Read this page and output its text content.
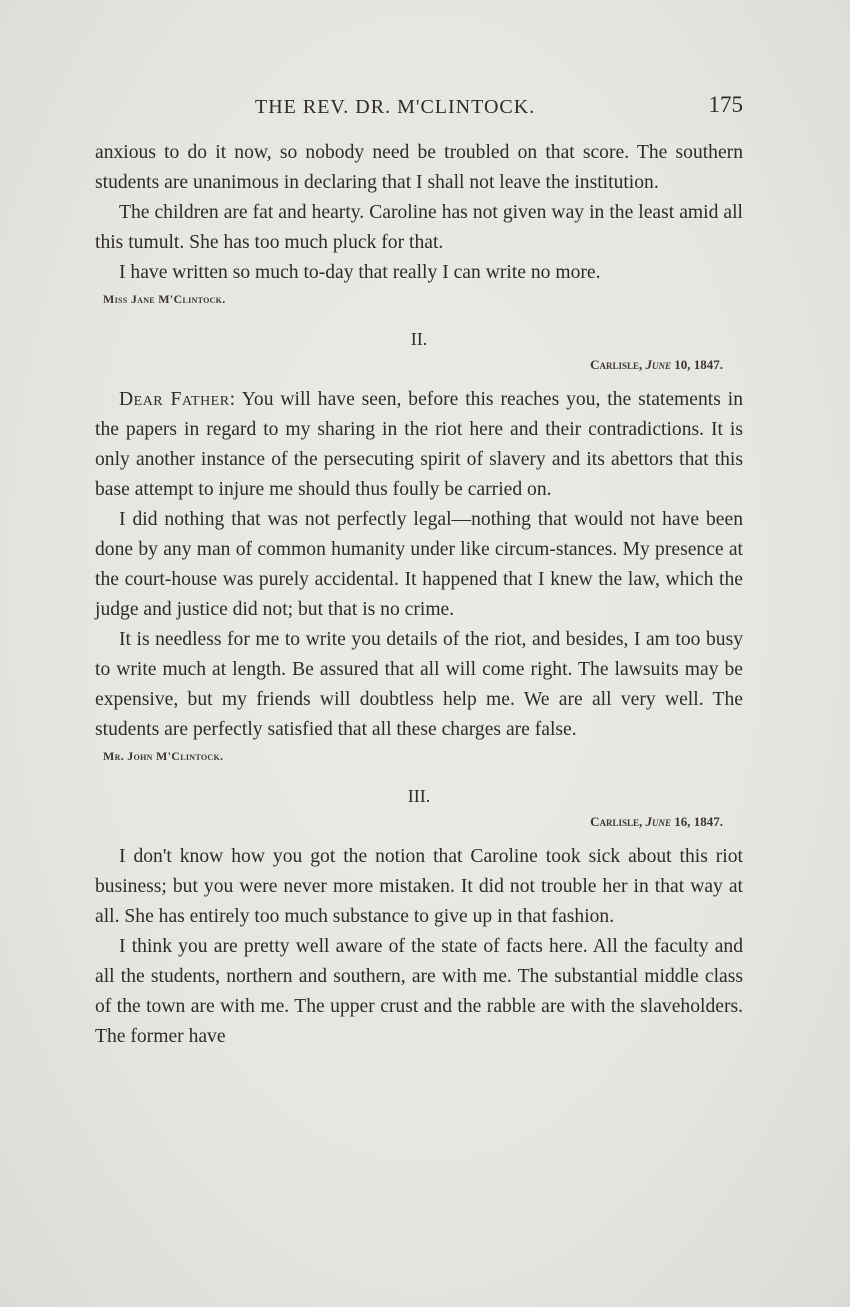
THE REV. DR. M'CLINTOCK.	175

anxious to do it now, so nobody need be troubled on that score. The southern students are unanimous in declaring that I shall not leave the institution.

The children are fat and hearty. Caroline has not given way in the least amid all this tumult. She has too much pluck for that.

I have written so much to-day that really I can write no more.

Miss Jane M'Clintock.
II.
Carlisle, June 10, 1847.

Dear Father: You will have seen, before this reaches you, the statements in the papers in regard to my sharing in the riot here and their contradictions. It is only another instance of the persecuting spirit of slavery and its abettors that this base attempt to injure me should thus foully be carried on.

I did nothing that was not perfectly legal—nothing that would not have been done by any man of common humanity under like circum-stances. My presence at the court-house was purely accidental. It happened that I knew the law, which the judge and justice did not; but that is no crime.

It is needless for me to write you details of the riot, and besides, I am too busy to write much at length. Be assured that all will come right. The lawsuits may be expensive, but my friends will doubtless help me. We are all very well. The students are perfectly satisfied that all these charges are false.

Mr. John M'Clintock.
III.
Carlisle, June 16, 1847.

I don't know how you got the notion that Caroline took sick about this riot business; but you were never more mistaken. It did not trouble her in that way at all. She has entirely too much substance to give up in that fashion.

I think you are pretty well aware of the state of facts here. All the faculty and all the students, northern and southern, are with me. The substantial middle class of the town are with me. The upper crust and the rabble are with the slaveholders. The former have
